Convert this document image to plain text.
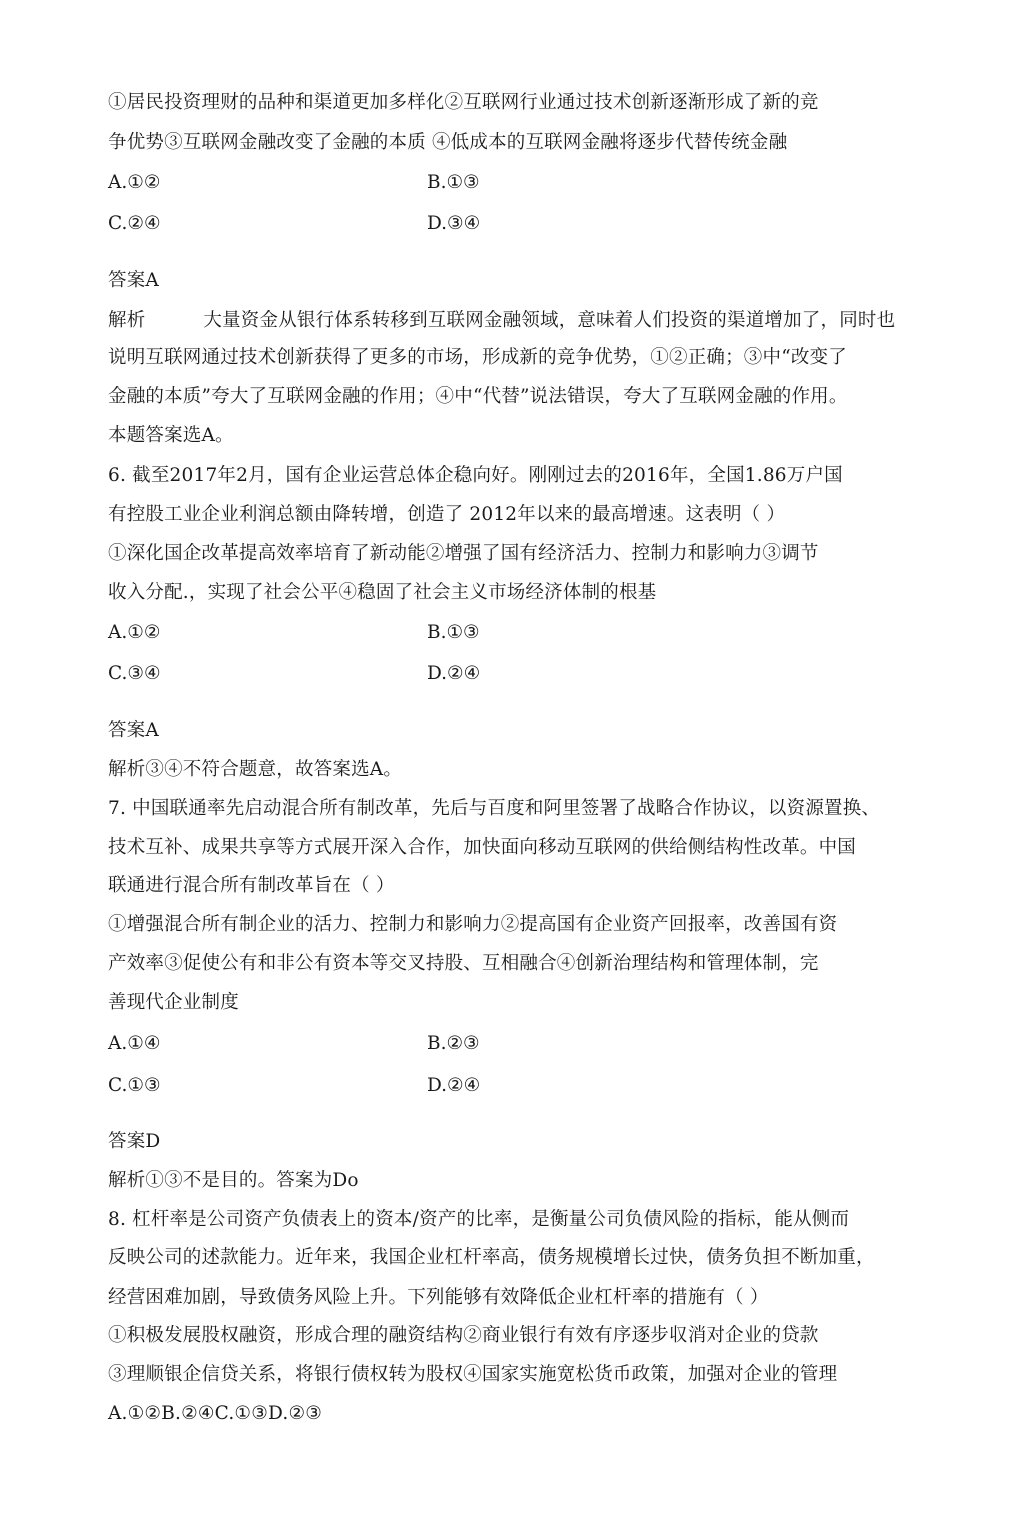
①居民投资理财的品种和渠道更加多样化②互联网行业通过技术创新逐渐形成了新的竞
争优势③互联网金融改变了金融的本质 ④低成本的互联网金融将逐步代替传统金融
A.①②	B.①③
C.②④	D.③④
答案A
解析	大量资金从银行体系转移到互联网金融领域，意味着人们投资的渠道增加了，同时也
说明互联网通过技术创新获得了更多的市场，形成新的竞争优势，①②正确；③中“改变了
金融的本质”夸大了互联网金融的作用；④中“代替”说法错误，夸大了互联网金融的作用。
本题答案选A。
6. 截至2017年2月，国有企业运营总体企稳向好。刚刚过去的2016年，全国1.86万户国
有控股工业企业利润总额由降转增，创造了 2012年以来的最高增速。这表明（ ）
①深化国企改革提高效率培育了新动能②增强了国有经济活力、控制力和影响力③调节
收入分配.，实现了社会公平④稳固了社会主义市场经济体制的根基
A.①②	B.①③
C.③④	D.②④
答案A
解析③④不符合题意，故答案选A。
7. 中国联通率先启动混合所有制改革，先后与百度和阿里签署了战略合作协议，以资源置换、
技术互补、成果共享等方式展开深入合作，加快面向移动互联网的供给侧结构性改革。中国
联通进行混合所有制改革旨在（ ）
①增强混合所有制企业的活力、控制力和影响力②提高国有企业资产回报率，改善国有资
产效率③促使公有和非公有资本等交叉持股、互相融合④创新治理结构和管理体制，完
善现代企业制度
A.①④	B.②③
C.①③	D.②④
答案D
解析①③不是目的。答案为Do
8. 杠杆率是公司资产负债表上的资本/资产的比率，是衡量公司负债风险的指标，能从侧而
反映公司的述款能力。近年来，我国企业杠杆率高，债务规模增长过快，债务负担不断加重，
经营困难加剧，导致债务风险上升。下列能够有效降低企业杠杆率的措施有（ ）
①积极发展股权融资，形成合理的融资结构②商业银行有效有序逐步収消对企业的贷款
③理顺银企信贷关系，将银行债权转为股权④国家实施宽松货币政策，加强对企业的管理
A.①②B.②④C.①③D.②③
